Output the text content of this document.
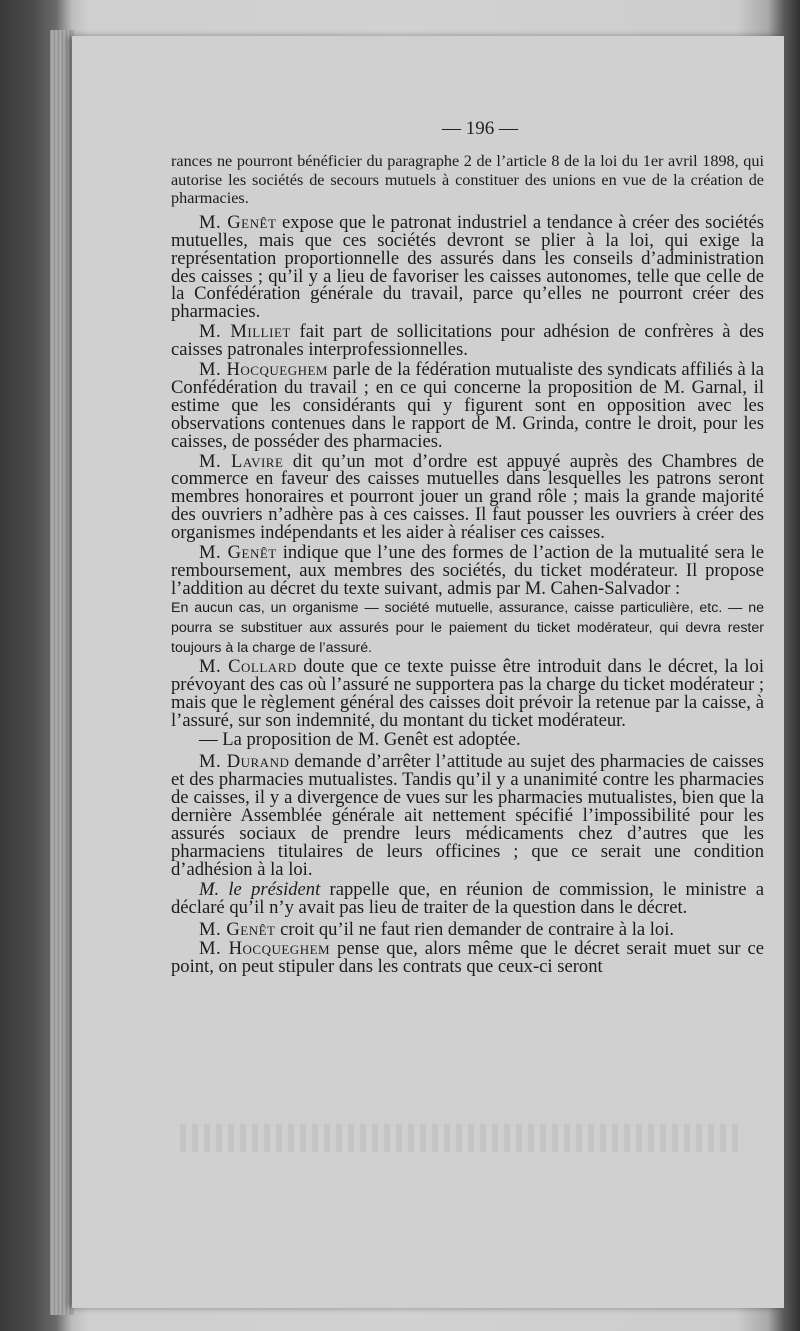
— 196 —

rances ne pourront bénéficier du paragraphe 2 de l’article 8 de la loi du 1er avril 1898, qui autorise les sociétés de secours mutuels à constituer des unions en vue de la création de pharmacies.

M. Genêt expose que le patronat industriel a tendance à créer des sociétés mutuelles, mais que ces sociétés devront se plier à la loi, qui exige la représentation proportionnelle des assurés dans les conseils d’administration des caisses ; qu’il y a lieu de favoriser les caisses autonomes, telle que celle de la Confédération générale du travail, parce qu’elles ne pourront créer des pharmacies.

M. Milliet fait part de sollicitations pour adhésion de confrères à des caisses patronales interprofessionnelles.

M. Hocqueghem parle de la fédération mutualiste des syndicats affiliés à la Confédération du travail ; en ce qui concerne la proposition de M. Garnal, il estime que les considérants qui y figurent sont en opposition avec les observations contenues dans le rapport de M. Grinda, contre le droit, pour les caisses, de posséder des pharmacies.

M. Lavire dit qu’un mot d’ordre est appuyé auprès des Chambres de commerce en faveur des caisses mutuelles dans lesquelles les patrons seront membres honoraires et pourront jouer un grand rôle ; mais la grande majorité des ouvriers n’adhère pas à ces caisses. Il faut pousser les ouvriers à créer des organismes indépendants et les aider à réaliser ces caisses.

M. Genêt indique que l’une des formes de l’action de la mutualité sera le remboursement, aux membres des sociétés, du ticket modérateur. Il propose l’addition au décret du texte suivant, admis par M. Cahen-Salvador :

En aucun cas, un organisme — société mutuelle, assurance, caisse particulière, etc. — ne pourra se substituer aux assurés pour le paiement du ticket modérateur, qui devra rester toujours à la charge de l’assuré.

M. Collard doute que ce texte puisse être introduit dans le décret, la loi prévoyant des cas où l’assuré ne supportera pas la charge du ticket modérateur ; mais que le règlement général des caisses doit prévoir la retenue par la caisse, à l’assuré, sur son indemnité, du montant du ticket modérateur.

— La proposition de M. Genêt est adoptée.

M. Durand demande d’arrêter l’attitude au sujet des pharmacies de caisses et des pharmacies mutualistes. Tandis qu’il y a unanimité contre les pharmacies de caisses, il y a divergence de vues sur les pharmacies mutualistes, bien que la dernière Assemblée générale ait nettement spécifié l’impossibilité pour les assurés sociaux de prendre leurs médicaments chez d’autres que les pharmaciens titulaires de leurs officines ; que ce serait une condition d’adhésion à la loi.

M. le président rappelle que, en réunion de commission, le ministre a déclaré qu’il n’y avait pas lieu de traiter de la question dans le décret.

M. Genêt croit qu’il ne faut rien demander de contraire à la loi.

M. Hocqueghem pense que, alors même que le décret serait muet sur ce point, on peut stipuler dans les contrats que ceux-ci seront
